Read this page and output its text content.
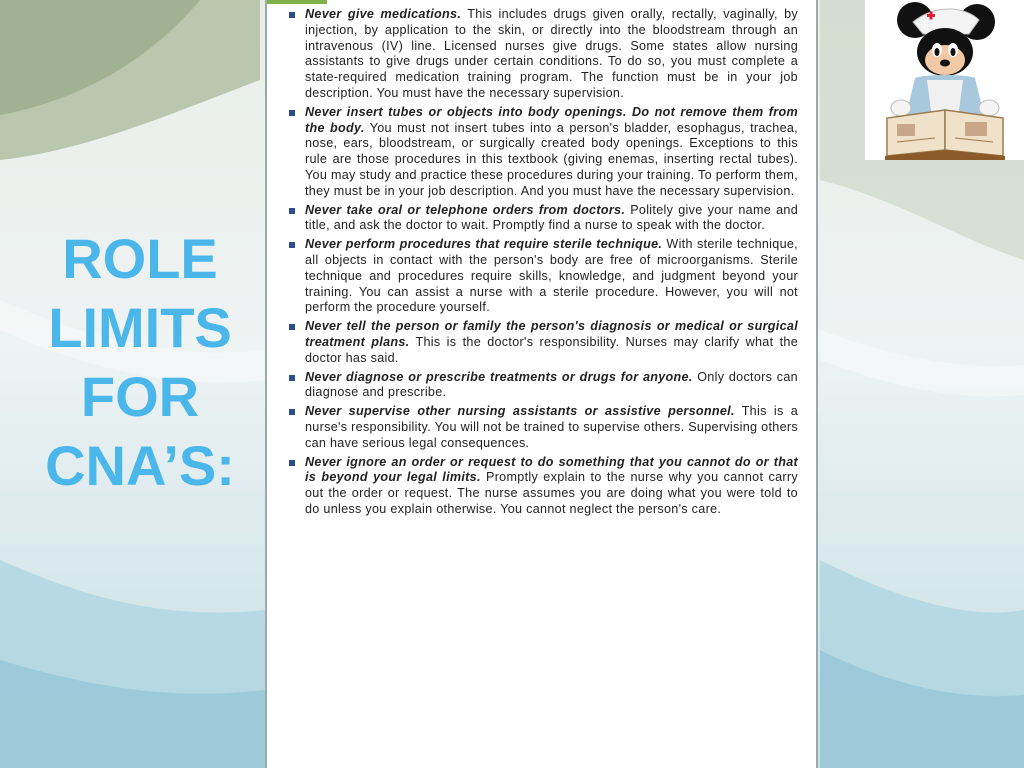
ROLE
LIMITS
FOR
CNA’S:
Never give medications. This includes drugs given orally, rectally, vaginally, by injection, by application to the skin, or directly into the bloodstream through an intravenous (IV) line. Licensed nurses give drugs. Some states allow nursing assistants to give drugs under certain conditions. To do so, you must complete a state-required medication training program. The function must be in your job description. You must have the necessary supervision.
Never insert tubes or objects into body openings. Do not remove them from the body. You must not insert tubes into a person's bladder, esophagus, trachea, nose, ears, bloodstream, or surgically created body openings. Exceptions to this rule are those procedures in this textbook (giving enemas, inserting rectal tubes). You may study and practice these procedures during your training. To perform them, they must be in your job description. And you must have the necessary supervision.
Never take oral or telephone orders from doctors. Politely give your name and title, and ask the doctor to wait. Promptly find a nurse to speak with the doctor.
Never perform procedures that require sterile technique. With sterile technique, all objects in contact with the person's body are free of microorganisms. Sterile technique and procedures require skills, knowledge, and judgment beyond your training. You can assist a nurse with a sterile procedure. However, you will not perform the procedure yourself.
Never tell the person or family the person's diagnosis or medical or surgical treatment plans. This is the doctor's responsibility. Nurses may clarify what the doctor has said.
Never diagnose or prescribe treatments or drugs for anyone. Only doctors can diagnose and prescribe.
Never supervise other nursing assistants or assistive personnel. This is a nurse's responsibility. You will not be trained to supervise others. Supervising others can have serious legal consequences.
Never ignore an order or request to do something that you cannot do or that is beyond your legal limits. Promptly explain to the nurse why you cannot carry out the order or request. The nurse assumes you are doing what you were told to do unless you explain otherwise. You cannot neglect the person's care.
